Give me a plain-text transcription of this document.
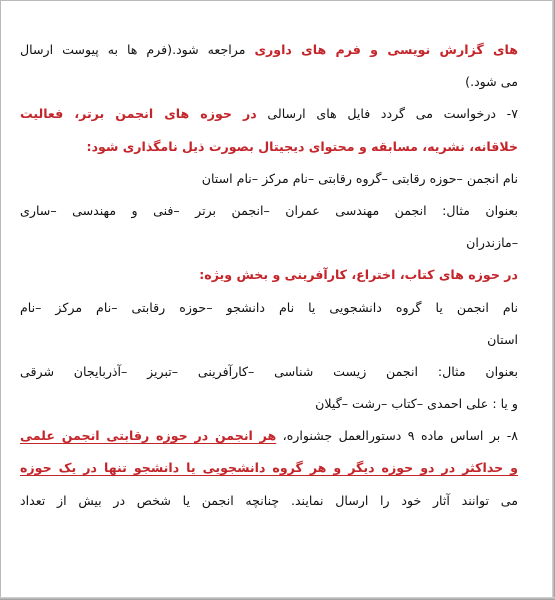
های گزارش نویسی و فرم های داوری مراجعه شود.(فرم ها به پیوست ارسال
می شود.)
۷- درخواست می گردد فایل های ارسالی در حوزه های انجمن برتر، فعالیت
خلاقانه، نشریه، مسابقه و محتوای دیجیتال بصورت ذیل نامگذاری شود:
نام انجمن –حوزه رقابتی –گروه رقابتی –نام مرکز –نام استان
بعنوان مثال: انجمن مهندسی عمران –انجمن برتر –فنی و مهندسی –ساری
–مازندران
در حوزه های کتاب، اختراع، کارآفرینی و بخش ویژه:
نام انجمن یا گروه دانشجویی یا نام دانشجو –حوزه رقابتی –نام مرکز –نام
استان
بعنوان مثال: انجمن زیست شناسی –کارآفرینی –تبریز –آذربایجان شرقی
و یا : علی احمدی –کتاب –رشت –گیلان
۸- بر اساس ماده ۹ دستورالعمل جشنواره، هر انجمن در حوزه رقابتی انجمن علمی
و حداکثر در دو حوزه دیگر و هر گروه دانشجویی یا دانشجو تنها در یک حوزه
می توانند آثار خود را ارسال نمایند. چنانچه انجمن یا شخص در بیش از تعداد
